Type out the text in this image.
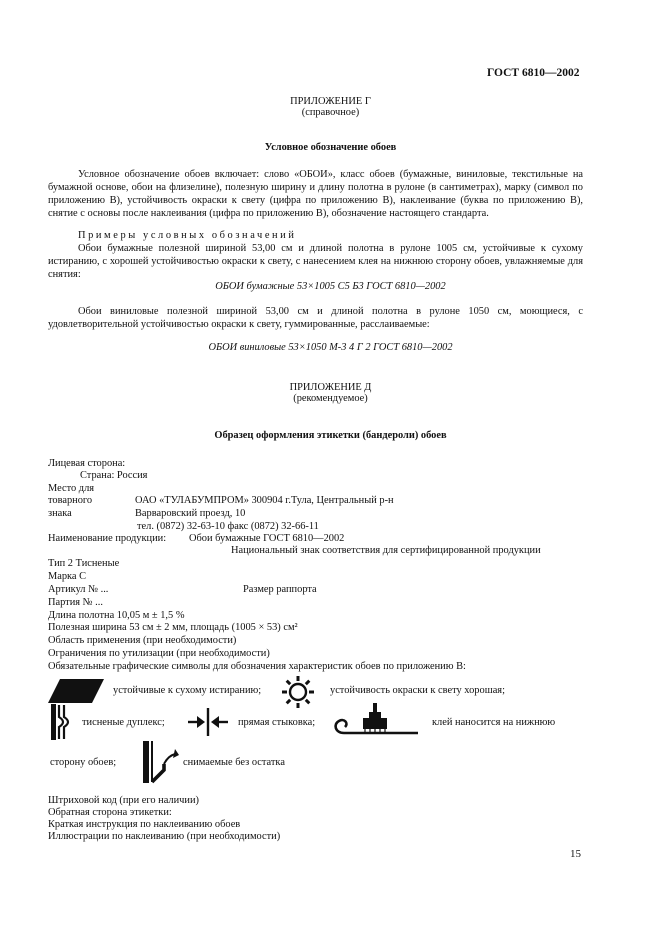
ГОСТ 6810—2002
ПРИЛОЖЕНИЕ Г
(справочное)
Условное обозначение обоев
Условное обозначение обоев включает: слово «ОБОИ», класс обоев (бумажные, виниловые, текстильные на бумажной основе, обои на флизелине), полезную ширину и длину полотна в рулоне (в сантиметрах), марку (символ по приложению В), устойчивость окраски к свету (цифра по приложению В), наклеивание (буква по приложению В), снятие с основы после наклеивания (цифра по приложению В), обозначение настоящего стандарта.
Примеры условных обозначений
Обои бумажные полезной шириной 53,00 см и длиной полотна в рулоне 1005 см, устойчивые к сухому истиранию, с хорошей устойчивостью окраски к свету, с нанесением клея на нижнюю сторону обоев, увлажняемые для снятия:
ОБОИ бумажные 53×1005 С5 Б3 ГОСТ 6810—2002
Обои виниловые полезной шириной 53,00 см и длиной полотна в рулоне 1050 см, моющиеся, с удовлетворительной устойчивостью окраски к свету, гуммированные, расслаиваемые:
ОБОИ виниловые 53×1050 М-3 4 Г 2 ГОСТ 6810—2002
ПРИЛОЖЕНИЕ Д
(рекомендуемое)
Образец оформления этикетки (бандероли) обоев
Лицевая сторона:
Страна: Россия
Место для
товарного	ОАО «ТУЛАБУМПРОМ» 300904 г.Тула, Центральный р-н
знака	Варваровский проезд, 10
тел. (0872) 32-63-10 факс (0872) 32-66-11
Наименование продукции: Обои бумажные ГОСТ 6810—2002
Национальный знак соответствия для сертифицированной продукции
Тип 2 Тисненые
Марка С
Артикул № ...	Размер раппорта
Партия № ...
Длина полотна 10,05 м ± 1,5 %
Полезная ширина 53 см ± 2 мм, площадь (1005 × 53) см²
Область применения (при необходимости)
Ограничения по утилизации (при необходимости)
Обязательные графические символы для обозначения характеристик обоев по приложению В:
устойчивые к сухому истиранию;	устойчивость окраски к свету хорошая;
тисненые дуплекс;	прямая стыковка;	клей наносится на нижнюю
сторону обоев;	снимаемые без остатка
Штриховой код (при его наличии)
Обратная сторона этикетки:
Краткая инструкция по наклеиванию обоев
Иллюстрации по наклеиванию (при необходимости)
15
